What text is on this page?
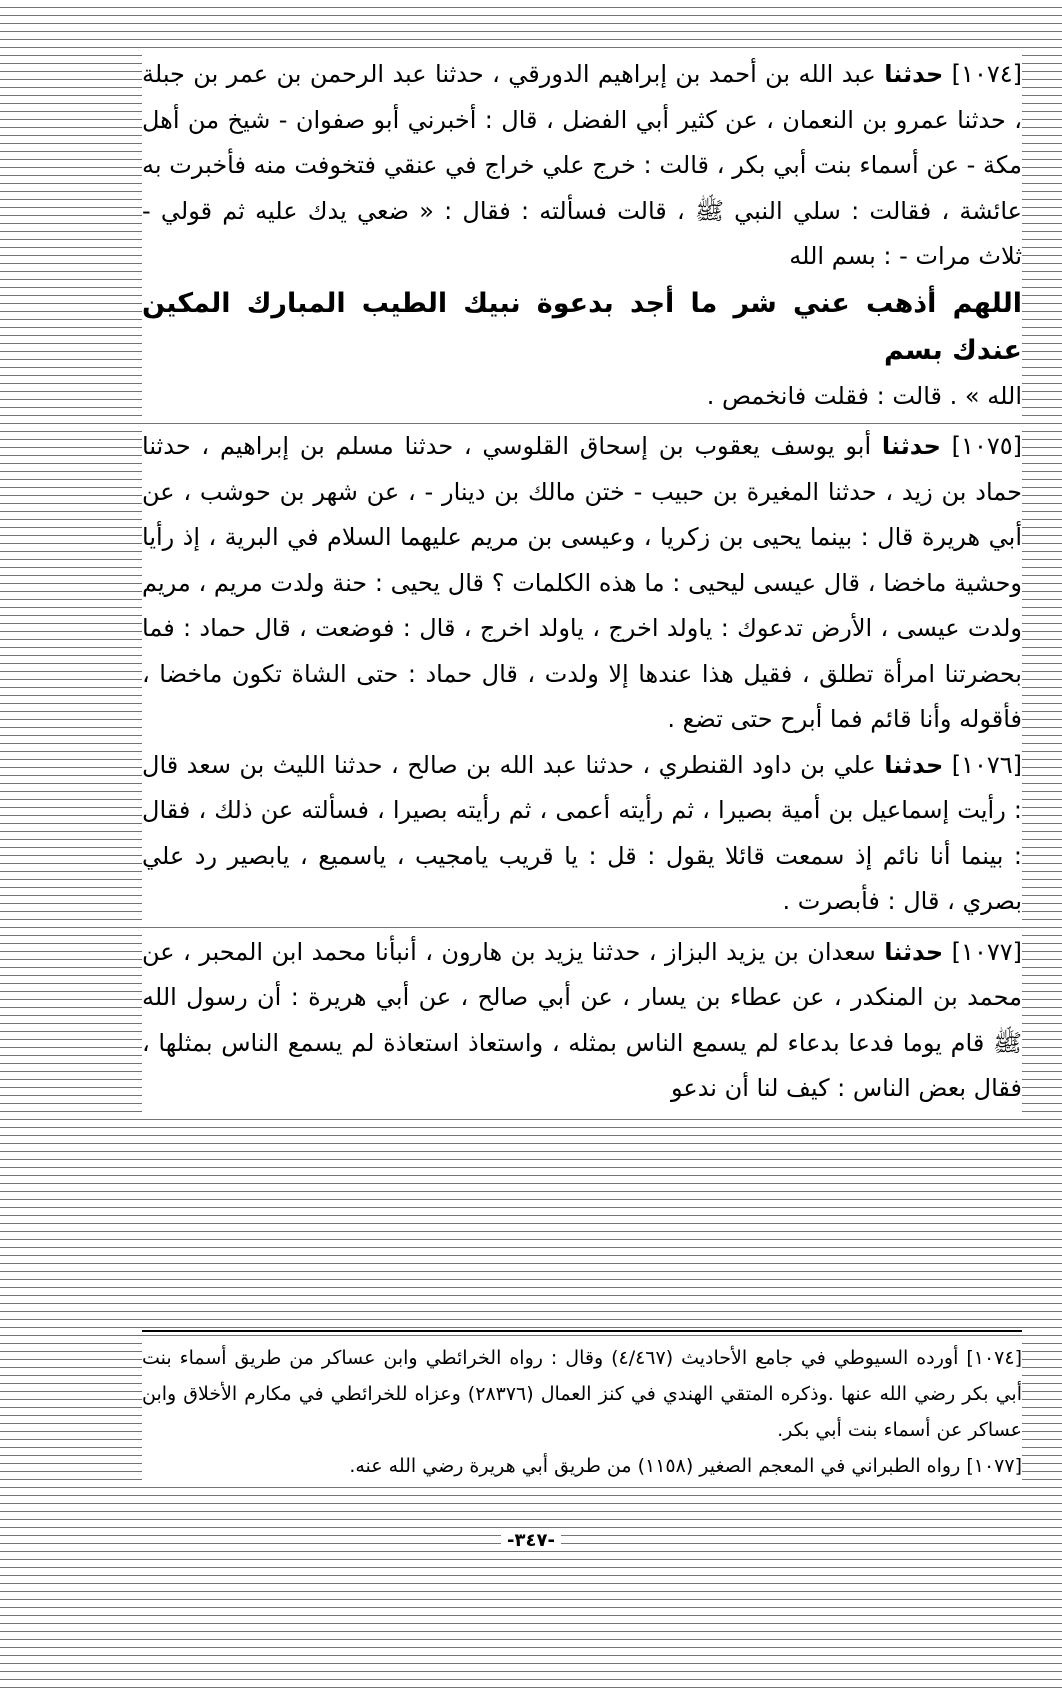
[١٠٧٤] حدثنا عبد الله بن أحمد بن إبراهيم الدورقي ، حدثنا عبد الرحمن بن عمر بن جبلة ، حدثنا عمرو بن النعمان ، عن كثير أبي الفضل ، قال : أخبرني أبو صفوان - شيخ من أهل مكة - عن أسماء بنت أبي بكر ، قالت : خرج علي خراج في عنقي فتخوفت منه فأخبرت به عائشة ، فقالت : سلي النبي ﷺ ، قالت فسألته : فقال : « ضعي يدك عليه ثم قولي - ثلاث مرات - : بسم الله

اللهم أذهب عني شر ما أجد بدعوة نبيك الطيب المبارك المكين عندك بسم

الله » . قالت : فقلت فانخمص .

[١٠٧٥] حدثنا أبو يوسف يعقوب بن إسحاق القلوسي ، حدثنا مسلم بن إبراهيم ، حدثنا حماد بن زيد ، حدثنا المغيرة بن حبيب - ختن مالك بن دينار - ، عن شهر بن حوشب ، عن أبي هريرة قال : بينما يحيى بن زكريا ، وعيسى بن مريم عليهما السلام في البرية ، إذ رأيا وحشية ماخضا ، قال عيسى ليحيى : ما هذه الكلمات ؟ قال يحيى : حنة ولدت مريم ، مريم ولدت عيسى ، الأرض تدعوك : ياولد اخرج ، ياولد اخرج ، قال : فوضعت ، قال حماد : فما بحضرتنا امرأة تطلق ، فقيل هذا عندها إلا ولدت ، قال حماد : حتى الشاة تكون ماخضا ، فأقوله وأنا قائم فما أبرح حتى تضع .

[١٠٧٦] حدثنا علي بن داود القنطري ، حدثنا عبد الله بن صالح ، حدثنا الليث بن سعد قال : رأيت إسماعيل بن أمية بصيرا ، ثم رأيته أعمى ، ثم رأيته بصيرا ، فسألته عن ذلك ، فقال : بينما أنا نائم إذ سمعت قائلا يقول : قل : يا قريب يامجيب ، ياسميع ، يابصير رد علي بصري ، قال : فأبصرت .

[١٠٧٧] حدثنا سعدان بن يزيد البزاز ، حدثنا يزيد بن هارون ، أنبأنا محمد ابن المحبر ، عن محمد بن المنكدر ، عن عطاء بن يسار ، عن أبي صالح ، عن أبي هريرة : أن رسول الله ﷺ قام يوما فدعا بدعاء لم يسمع الناس بمثله ، واستعاذ استعاذة لم يسمع الناس بمثلها ، فقال بعض الناس : كيف لنا أن ندعو

[١٠٧٤] أورده السيوطي في جامع الأحاديث (٤/٤٦٧) وقال : رواه الخرائطي وابن عساكر من طريق أسماء بنت أبي بكر رضي الله عنها .وذكره المتقي الهندي في كنز العمال (٢٨٣٧٦) وعزاه للخرائطي في مكارم الأخلاق وابن عساكر عن أسماء بنت أبي بكر.

[١٠٧٧] رواه الطبراني في المعجم الصغير (١١٥٨) من طريق أبي هريرة رضي الله عنه.

-٣٤٧-
